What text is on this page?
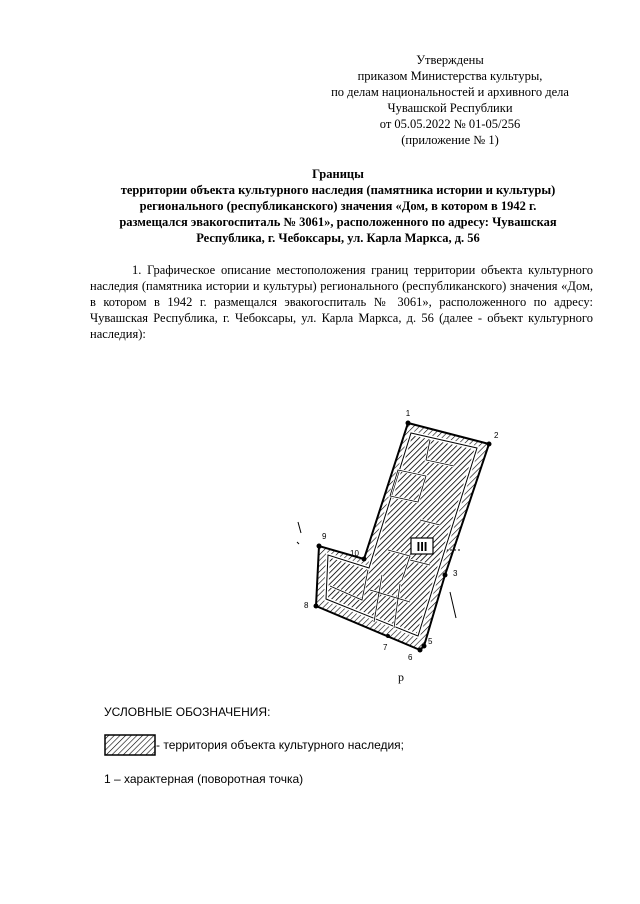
Утверждены
приказом Министерства культуры,
по делам национальностей и архивного дела
Чувашской Республики
от 05.05.2022 № 01-05/256
(приложение № 1)
Границы
территории объекта культурного наследия (памятника истории и культуры)
регионального (республиканского) значения «Дом, в котором в 1942 г.
размещался эвакогоспиталь № 3061», расположенного по адресу: Чувашская
Республика, г. Чебоксары, ул. Карла Маркса, д. 56
1. Графическое описание местоположения границ территории объекта культурного наследия (памятника истории и культуры) регионального (республиканского) значения «Дом, в котором в 1942 г. размещался эвакогоспиталь № 3061», расположенного по адресу: Чувашская Республика, г. Чебоксары, ул. Карла Маркса, д. 56 (далее - объект культурного наследия):
III
1
2
3
5
6
7
8
9
10
р
УСЛОВНЫЕ ОБОЗНАЧЕНИЯ:
- территория объекта культурного наследия;
1 – характерная (поворотная точка)
